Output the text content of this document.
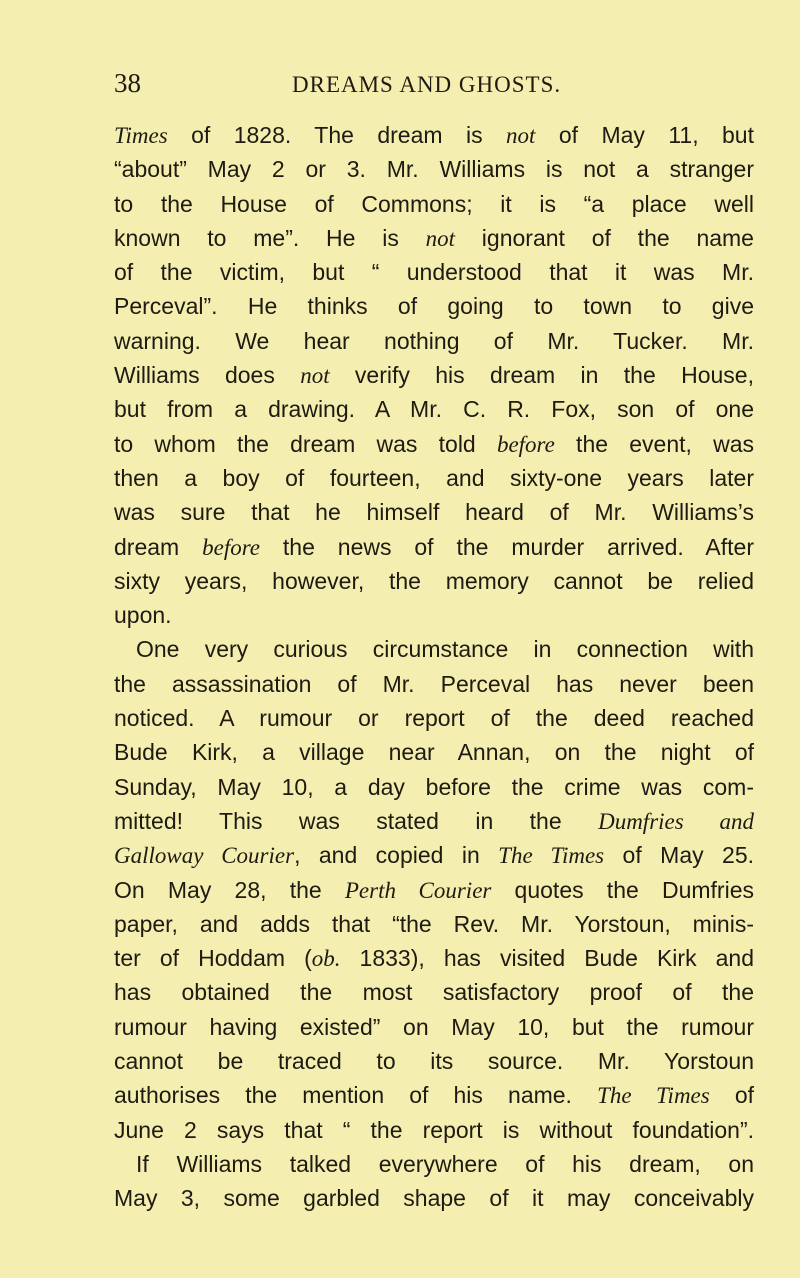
38	DREAMS AND GHOSTS.
Times of 1828. The dream is not of May 11, but
“about” May 2 or 3. Mr. Williams is not a stranger
to the House of Commons; it is “a place well
known to me”. He is not ignorant of the name
of the victim, but “ understood that it was Mr.
Perceval”. He thinks of going to town to give
warning. We hear nothing of Mr. Tucker. Mr.
Williams does not verify his dream in the House,
but from a drawing. A Mr. C. R. Fox, son of one
to whom the dream was told before the event, was
then a boy of fourteen, and sixty-one years later
was sure that he himself heard of Mr. Williams’s
dream before the news of the murder arrived. After
sixty years, however, the memory cannot be relied
upon.
One very curious circumstance in connection with
the assassination of Mr. Perceval has never been
noticed. A rumour or report of the deed reached
Bude Kirk, a village near Annan, on the night of
Sunday, May 10, a day before the crime was com-
mitted! This was stated in the Dumfries and
Galloway Courier, and copied in The Times of May 25.
On May 28, the Perth Courier quotes the Dumfries
paper, and adds that “the Rev. Mr. Yorstoun, minis-
ter of Hoddam (ob. 1833), has visited Bude Kirk and
has obtained the most satisfactory proof of the
rumour having existed” on May 10, but the rumour
cannot be traced to its source. Mr. Yorstoun
authorises the mention of his name. The Times of
June 2 says that “ the report is without foundation”.
If Williams talked everywhere of his dream, on
May 3, some garbled shape of it may conceivably
